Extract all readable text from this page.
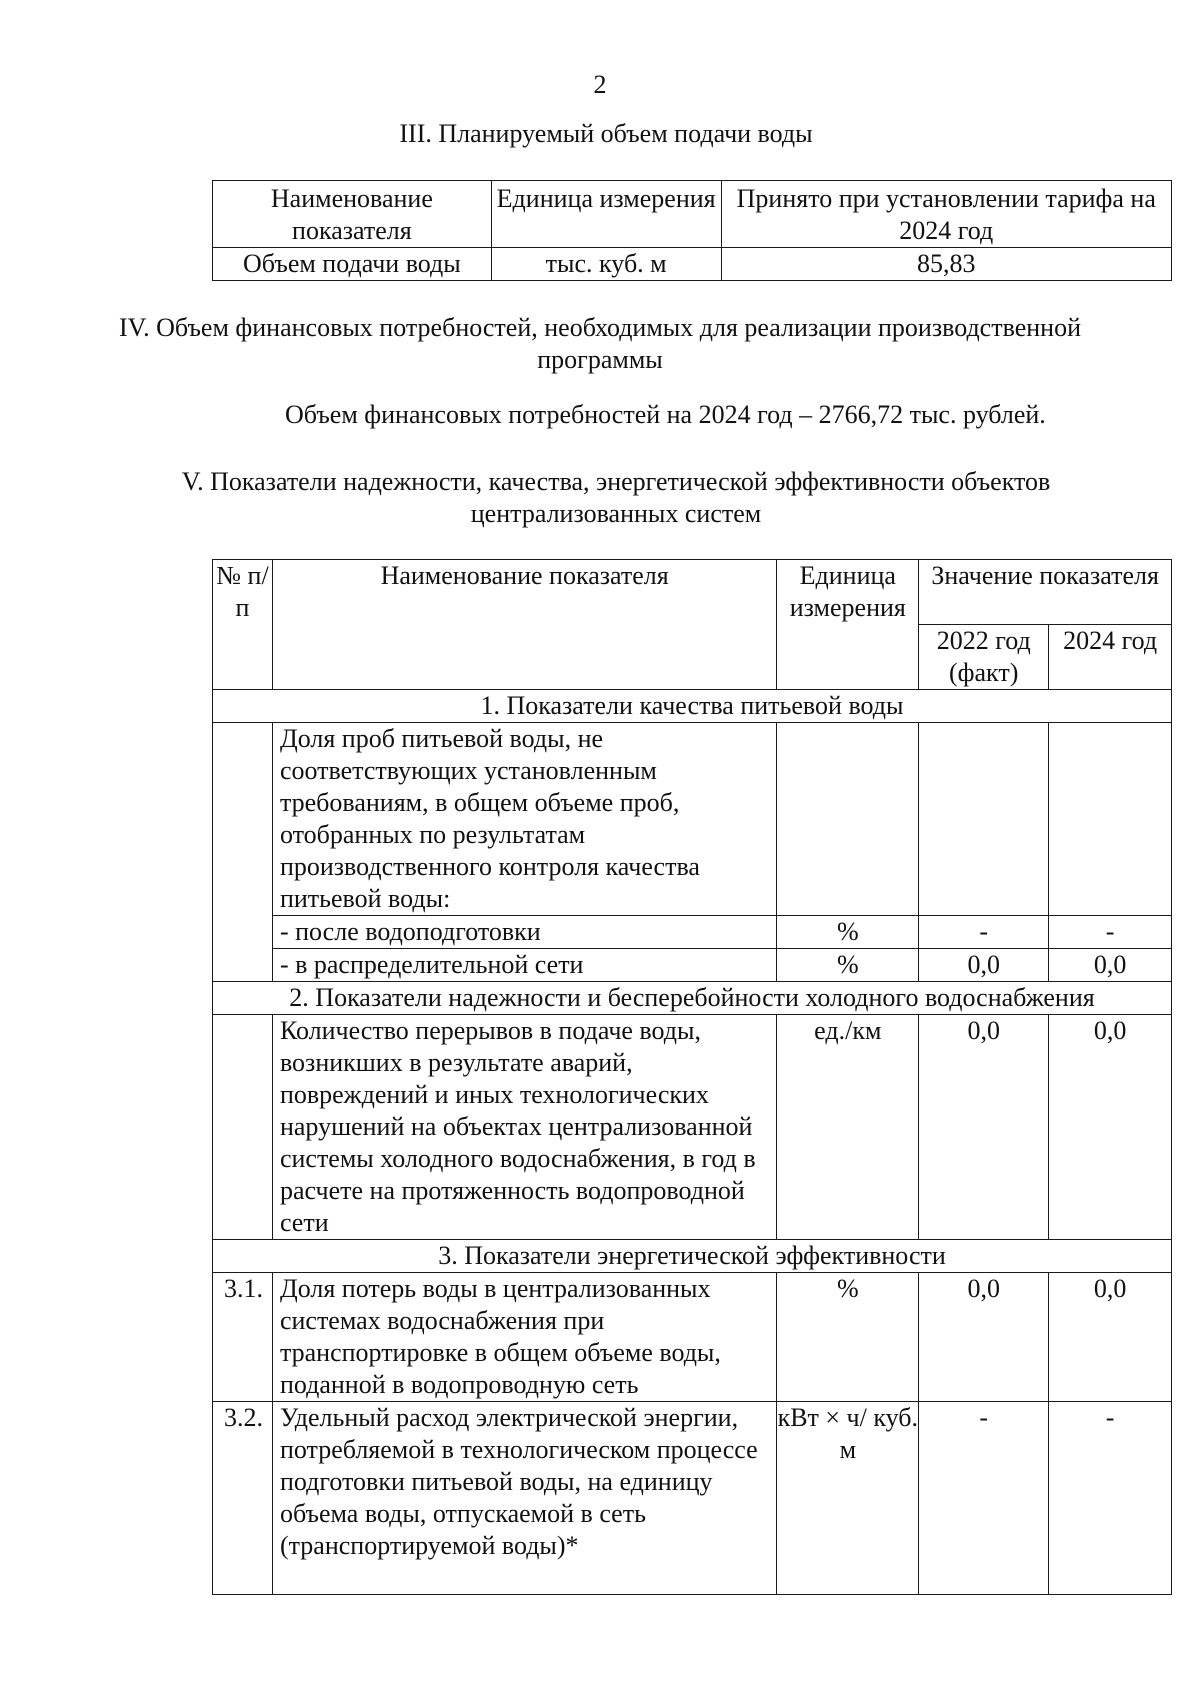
2
III. Планируемый объем подачи воды
Наименование показателя	Единица измерения	Принято при установлении тарифа на 2024 год
Объем подачи воды	тыс. куб. м	85,83
IV. Объем финансовых потребностей, необходимых для реализации производственной программы
Объем финансовых потребностей на 2024 год – 2766,72 тыс. рублей.
V. Показатели надежности, качества, энергетической эффективности объектов централизованных систем
№ п/п	Наименование показателя	Единица измерения	Значение показателя	
			2022 год (факт)	2024 год
1. Показатели качества питьевой воды				
	Доля проб питьевой воды, не соответствующих установленным требованиям, в общем объеме проб, отобранных по результатам производственного контроля качества питьевой воды:			
	- после водоподготовки	%	-	-
	- в распределительной сети	%	0,0	0,0
2. Показатели надежности и бесперебойности холодного водоснабжения				
	Количество перерывов в подаче воды, возникших в результате аварий, повреждений и иных технологических нарушений на объектах централизованной системы холодного водоснабжения, в год в расчете на протяженность водопроводной сети	ед./км	0,0	0,0
3. Показатели энергетической эффективности				
3.1.	Доля потерь воды в централизованных системах водоснабжения при транспортировке в общем объеме воды, поданной в водопроводную сеть	%	0,0	0,0
3.2.	Удельный расход электрической энергии, потребляемой в технологическом процессе подготовки питьевой воды, на единицу объема воды, отпускаемой в сеть (транспортируемой воды)*	кВт × ч/ куб. м	-	-
